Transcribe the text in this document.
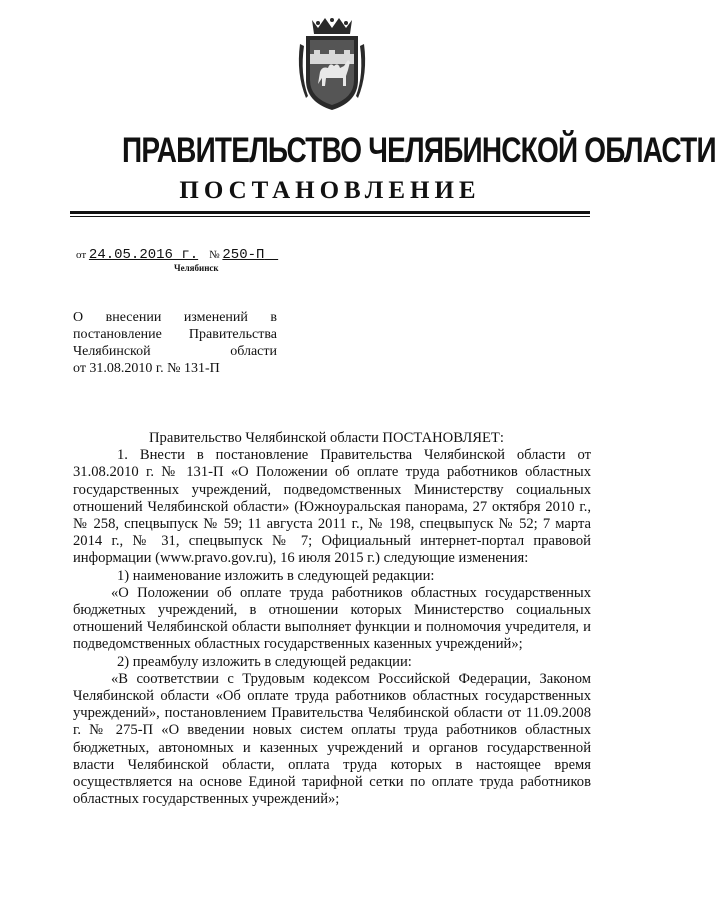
ПРАВИТЕЛЬСТВО ЧЕЛЯБИНСКОЙ ОБЛАСТИ
ПОСТАНОВЛЕНИЕ
от 24.05.2016 г. № 250-П
Челябинск
О внесении изменений в
постановление Правительства
Челябинской области
от 31.08.2010 г. № 131-П

Правительство Челябинской области ПОСТАНОВЛЯЕТ:

1. Внести в постановление Правительства Челябинской области от 31.08.2010 г. № 131-П «О Положении об оплате труда работников областных государственных учреждений, подведомственных Министерству социальных отношений Челябинской области» (Южноуральская панорама, 27 октября 2010 г., № 258, спецвыпуск № 59; 11 августа 2011 г., № 198, спецвыпуск № 52; 7 марта 2014 г., № 31, спецвыпуск № 7; Официальный интернет-портал правовой информации (www.pravo.gov.ru), 16 июля 2015 г.) следующие изменения:

1) наименование изложить в следующей редакции:

«О Положении об оплате труда работников областных государственных бюджетных учреждений, в отношении которых Министерство социальных отношений Челябинской области выполняет функции и полномочия учредителя, и подведомственных областных государственных казенных учреждений»;

2) преамбулу изложить в следующей редакции:

«В соответствии с Трудовым кодексом Российской Федерации, Законом Челябинской области «Об оплате труда работников областных государственных учреждений», постановлением Правительства Челябинской области от 11.09.2008 г. № 275-П «О введении новых систем оплаты труда работников областных бюджетных, автономных и казенных учреждений и органов государственной власти Челябинской области, оплата труда которых в настоящее время осуществляется на основе Единой тарифной сетки по оплате труда работников областных государственных учреждений»;
